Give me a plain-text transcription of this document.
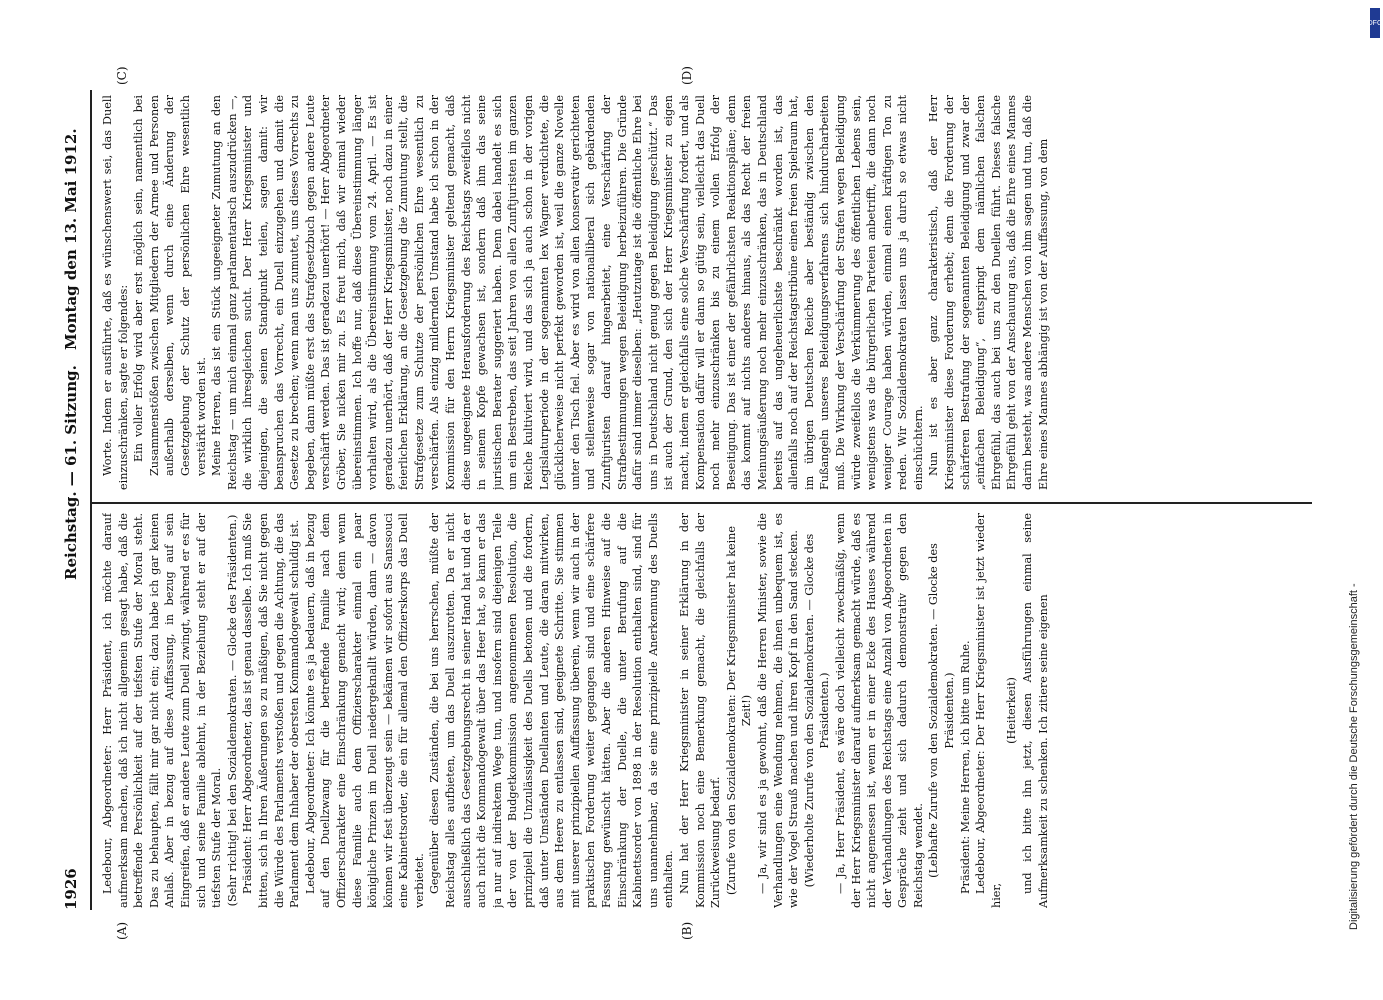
1926
Reichstag. — 61. Sitzung.
Montag den 13. Mai 1912.
(A)	(B)
(C)	(D)

Ledebour, Abgeordneter: Herr Präsident, ich möchte darauf aufmerksam machen, daß ich nicht allgemein gesagt habe, daß die betreffende Persönlichkeit auf der tiefsten Stufe der Moral steht. Das zu behaupten, fällt mir gar nicht ein; dazu habe ich gar keinen Anlaß. Aber in bezug auf diese Auffassung, in bezug auf sein Eingreifen, daß er andere Leute zum Duell zwingt, während er es für sich und seine Familie ablehnt, in der Beziehung steht er auf der tiefsten Stufe der Moral. (Sehr richtig! bei den Sozialdemokraten. — Glocke des Präsidenten.) Präsident: Herr Abgeordneter, das ist genau dasselbe. Ich muß Sie bitten, sich in Ihren Äußerungen so zu mäßigen, daß Sie nicht gegen die Würde des Parlaments verstoßen und gegen die Achtung, die das Parlament dem Inhaber der obersten Kommandogewalt schuldig ist. Ledebour, Abgeordneter: Ich könnte es ja bedauern, daß in bezug auf den Duellzwang für die betreffende Familie nach dem Offizierscharakter eine Einschränkung gemacht wird; denn wenn diese Familie auch dem Offizierscharakter einmal ein paar königliche Prinzen im Duell niedergeknallt würden, dann — davon können wir fest überzeugt sein — bekämen wir sofort aus Sanssouci eine Kabinettsorder, die ein für allemal den Offizierskorps das Duell verbietet. Gegenüber diesen Zuständen, die bei uns herrschen, müßte der Reichstag alles aufbieten, um das Duell auszurotten. Da er nicht ausschließlich das Gesetzgebungsrecht in seiner Hand hat und da er auch nicht die Kommandogewalt über das Heer hat, so kann er das ja nur auf indirektem Wege tun, und insofern sind diejenigen Teile der von der Budgetkommission angenommenen Resolution, die prinzipiell die Unzulässigkeit des Duells betonen und die fordern, daß unter Umständen Duellanten und Leute, die daran mitwirken, aus dem Heere zu entlassen sind, geeignete Schritte. Sie stimmen mit unserer prinzipiellen Auffassung überein, wenn wir auch in der praktischen Forderung weiter gegangen sind und eine schärfere Fassung gewünscht hätten. Aber die anderen Hinweise auf die Einschränkung der Duelle, die unter Berufung auf die Kabinettsorder von 1898 in der Resolution enthalten sind, sind für uns unannehmbar, da sie eine prinzipielle Anerkennung des Duells enthalten. Nun hat der Herr Kriegsminister in seiner Erklärung in der Kommission noch eine Bemerkung gemacht, die gleichfalls der Zurückweisung bedarf. (Zurufe von den Sozialdemokraten: Der Kriegsminister hat keine Zeit!) — Ja, wir sind es ja gewohnt, daß die Herren Minister, sowie die Verhandlungen eine Wendung nehmen, die ihnen unbequem ist, es wie der Vogel Strauß machen und ihren Kopf in den Sand stecken. (Wiederholte Zurufe von den Sozialdemokraten. — Glocke des Präsidenten.) — Ja, Herr Präsident, es wäre doch vielleicht zweckmäßig, wenn der Herr Kriegsminister darauf aufmerksam gemacht würde, daß es nicht angemessen ist, wenn er in einer Ecke des Hauses während der Verhandlungen des Reichstags eine Anzahl von Abgeordneten in Gespräche zieht und sich dadurch demonstrativ gegen den Reichstag wendet. (Lebhafte Zurufe von den Sozialdemokraten. — Glocke des Präsidenten.) Präsident: Meine Herren, ich bitte um Ruhe. Ledebour, Abgeordneter: Der Herr Kriegsminister ist jetzt wieder hier,

(Heiterkeit) und ich bitte ihn jetzt, diesen Ausführungen einmal seine Aufmerksamkeit zu schenken. Ich zitiere seine eigenen

Worte. Indem er ausführte, daß es wünschenswert sei, das Duell einzuschränken, sagte er folgendes: Ein voller Erfolg wird aber erst möglich sein, namentlich bei Zusammenstößen zwischen Mitgliedern der Armee und Personen außerhalb derselben, wenn durch eine Änderung der Gesetzgebung der Schutz der persönlichen Ehre wesentlich verstärkt worden ist. Meine Herren, das ist ein Stück ungeeigneter Zumutung an den Reichstag — um mich einmal ganz parlamentarisch auszudrücken —, die wirklich ihresgleichen sucht. Der Herr Kriegsminister und diejenigen, die seinen Standpunkt teilen, sagen damit: wir beanspruchen das Vorrecht, ein Duell einzugehen und damit die Gesetze zu brechen; wenn man uns zumutet, uns dieses Vorrechts zu begeben, dann müßte erst das Strafgesetzbuch gegen andere Leute verschärft werden. Das ist geradezu unerhört! — Herr Abgeordneter Gröber, Sie nicken mir zu. Es freut mich, daß wir einmal wieder übereinstimmen. Ich hoffe nur, daß diese Übereinstimmung länger vorhalten wird, als die Übereinstimmung vom 24. April. — Es ist geradezu unerhört, daß der Herr Kriegsminister, noch dazu in einer feierlichen Erklärung, an die Gesetzgebung die Zumutung stellt, die Strafgesetze zum Schutze der persönlichen Ehre wesentlich zu verschärfen. Als einzig mildernden Umstand habe ich schon in der Kommission für den Herrn Kriegsminister geltend gemacht, daß diese ungeeignete Herausforderung des Reichstags zweifellos nicht in seinem Kopfe gewachsen ist, sondern daß ihm das seine juristischen Berater suggeriert haben. Denn dabei handelt es sich um ein Bestreben, das seit Jahren von allen Zunftjuristen im ganzen Reiche kultiviert wird, und das sich ja auch schon in der vorigen Legislaturperiode in der sogenannten lex Wagner verdichtete, die glücklicherweise nicht perfekt geworden ist, weil die ganze Novelle unter den Tisch fiel. Aber es wird von allen konservativ gerichteten und stellenweise sogar von nationalliberal sich gebärdenden Zunftjuristen darauf hingearbeitet, eine Verschärfung der Strafbestimmungen wegen Beleidigung herbeizuführen. Die Gründe dafür sind immer dieselben: „Heutzutage ist die öffentliche Ehre bei uns in Deutschland nicht genug gegen Beleidigung geschützt.“ Das ist auch der Grund, den sich der Herr Kriegsminister zu eigen macht, indem er gleichfalls eine solche Verschärfung fordert, und als Kompensation dafür will er dann so gütig sein, vielleicht das Duell noch mehr einzuschränken bis zu einem vollen Erfolg der Beseitigung. Das ist einer der gefährlichsten Reaktionspläne; denn das kommt auf nichts anderes hinaus, als das Recht der freien Meinungsäußerung noch mehr einzuschränken, das in Deutschland bereits auf das ungeheuerlichste beschränkt worden ist, das allenfalls noch auf der Reichstagstribüne einen freien Spielraum hat, im übrigen Deutschen Reiche aber beständig zwischen den Fußangeln unseres Beleidigungsverfahrens sich hindurcharbeiten muß. Die Wirkung der Verschärfung der Strafen wegen Beleidigung würde zweifellos die Verkümmerung des öffentlichen Lebens sein, wenigstens was die bürgerlichen Parteien anbetrifft, die dann noch weniger Courage haben würden, einmal einen kräftigen Ton zu reden. Wir Sozialdemokraten lassen uns ja durch so etwas nicht einschüchtern. Nun ist es aber ganz charakteristisch, daß der Herr Kriegsminister diese Forderung erhebt; denn die Forderung der schärferen Bestrafung der sogenannten Beleidigung und zwar der „einfachen Beleidigung“, entspringt dem nämlichen falschen Ehrgefühl, das auch bei uns zu den Duellen führt. Dieses falsche Ehrgefühl geht von der Anschauung aus, daß die Ehre eines Mannes darin besteht, was andere Menschen von ihm sagen und tun, daß die Ehre eines Mannes abhängig ist von der Auffassung, von dem

Digitalisierung gefördert durch die Deutsche Forschungsgemeinschaft -
DFG
